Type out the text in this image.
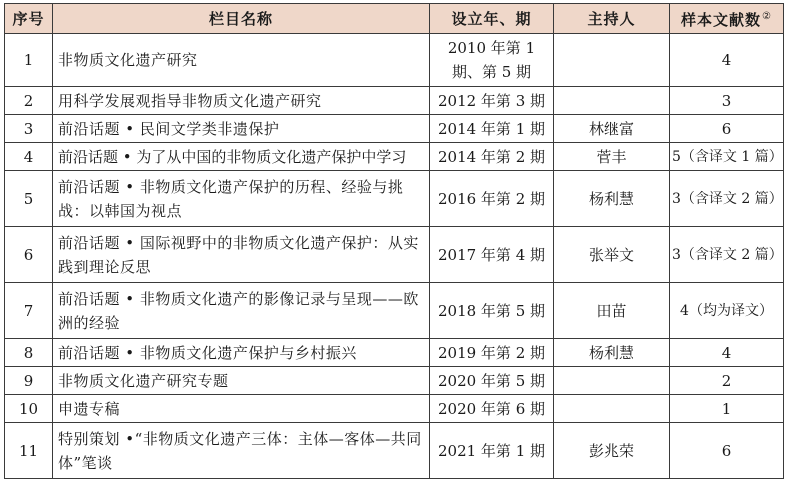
序号	栏目名称	设立年、期	主持人	样本文献数②
1	非物质文化遗产研究	2010 年第 1 期、第 5 期		4
2	用科学发展观指导非物质文化遗产研究	2012 年第 3 期		3
3	前沿话题 • 民间文学类非遗保护	2014 年第 1 期	林继富	6
4	前沿话题 • 为了从中国的非物质文化遗产保护中学习	2014 年第 2 期	菅丰	5（含译文 1 篇）
5	前沿话题 • 非物质文化遗产保护的历程、经验与挑战：以韩国为视点	2016 年第 2 期	杨利慧	3（含译文 2 篇）
6	前沿话题 • 国际视野中的非物质文化遗产保护：从实践到理论反思	2017 年第 4 期	张举文	3（含译文 2 篇）
7	前沿话题 • 非物质文化遗产的影像记录与呈现——欧洲的经验	2018 年第 5 期	田苗	4（均为译文）
8	前沿话题 • 非物质文化遗产保护与乡村振兴	2019 年第 2 期	杨利慧	4
9	非物质文化遗产研究专题	2020 年第 5 期		2
10	申遗专稿	2020 年第 6 期		1
11	特别策划 •“非物质文化遗产三体：主体—客体—共同体”笔谈	2021 年第 1 期	彭兆荣	6
